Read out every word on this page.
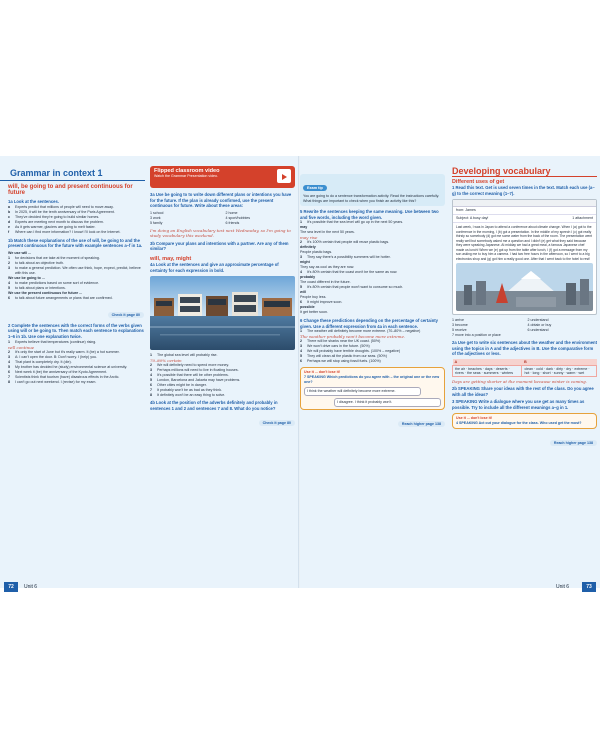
Grammar in context 1
will, be going to and present continuous for future
1a Look at the sentences.
a	Experts predict that millions of people will need to move away.
b	In 2025, it will be the tenth anniversary of the Paris Agreement.
c	They've decided they're going to build similar homes.
d	Experts are meeting next month to discuss the problem.
e	As it gets warmer, glaciers are going to melt faster.
f	Where can I find more information? I know! I'll look on the Internet.
1b Match these explanations of the use of will, be going to and the present continuous for the future with example sentences a–f in 1a.
We use will ...
1	for decisions that we take at the moment of speaking.
2	to talk about an objective truth.
3	to make a general prediction. We often use think, hope, expect, predict, believe with this use.
We use be going to ...
4	to make predictions based on some sort of evidence.
5	to talk about plans or intentions.
We use the present continuous for future ...
6	to talk about future arrangements or plans that are confirmed.
Check it page 80
2 Complete the sentences with the correct forms of the verbs given using will or be going to. Then match each sentence to explanations 1–6 in 1b. Use one explanation twice.
1	Experts believe that temperatures (continue) rising.
will continue
2	It's only the start of June but it's really warm. It (be) a hot summer.
3	A: I can't open the door. B: Don't worry. I (help) you.
4	That plant is completely dry. It (die).
5	My brother has decided he (study) environmental science at university.
6	Next week it (be) the anniversary of the Kyoto Agreement.
7	Scientists think that tourism (have) disastrous effects in the Arctic.
8	I can't go out next weekend. I (revise) for my exam.
Flipped classroom video
Watch the Grammar Presentation video.
3a Use be going to to write down different plans or intentions you have for the future. If the plan is already confirmed, use the present continuous for future. Write about these areas:
1 school	2 home
3 work	4 sport/hobbies
5 family	6 friends
I'm doing an English vocabulary test next Wednesday, so I'm going to study vocabulary this weekend.
3b Compare your plans and intentions with a partner. Are any of them similar?
will, may, might
4a Look at the sentences and give an approximate percentage of certainty for each expression in bold.
1	The global sea level will probably rise.
70–80% certain
2	We will definitely need to spend more money.
3	Perhaps millions will need to live in floating houses.
4	It's possible that there will be other problems.
5	London, Barcelona and Jakarta may have problems.
6	Other cities might be in danger.
7	It probably won't be as bad as they think.
8	It definitely won't be an easy thing to solve.
4b Look at the position of the adverbs definitely and probably in sentences 1 and 2 and sentences 7 and 8. What do you notice?
Check it page 80
Exam tip
You are going to do a sentence transformation activity. Read the instructions carefully. What things are important to check when you finish an activity like this?
5 Rewrite the sentences keeping the same meaning. Use between two and five words, including the word given.
1	It's possible that the sea level will go up in the next 50 years.
may
The sea level in the next 50 years.
may rise
2	It's 100% certain that people will reuse plastic bags.
definitely
People plastic bags.
3	They say there's a possibility summers will be hotter.
might
They say as cool as they are now.
4	It's 80% certain that the coast won't be the same as now.
probably
The coast different in the future.
5	It's 80% certain that people won't want to consume so much.
will
People buy less.
6	It might improve soon.
possible
It get better soon.
6 Change these predictions depending on the percentage of certainty given. Use a different expression from 4a in each sentence.
1	The weather will definitely become more extreme. (70–80% – negative)
The weather probably won't become more extreme.
2	There will be sharks near the UK coast. (50%)
3	We won't drive cars in the future. (50%)
4	We will probably have terrible droughts. (100% – negative)
5	They will clean all the plastic from our seas. (50%)
6	Perhaps we will stop using fossil fuels. (100%)
Use it ... don't lose it!
7 SPEAKING Which predictions do you agree with – the original one or the new one?
I think the weather will definitely become more extreme.
I disagree. I think it probably won't.
Reach higher page 138
Developing vocabulary
Different uses of get
1 Read this text. Get is used seven times in the text. Match each use (a–g) to the correct meaning (1–7).
from: James
Subject: A busy day!	1 attachment
Last week, I was in Japan to attend a conference about climate change. When I (a) got to the conference in the morning, I (b) got a presentation. In the middle of my speech I (c) got really thirsty so somebody (d) got me some water from the back of the room. The presentation went really well but somebody asked me a question and I didn't (e) get what they said because they were speaking Japanese. At midday we had a great meal, a famous Japanese chef made us lunch! When we (e) got up from the table after lunch, I (f) got a message from my son asking me to buy him a camera. I had two free hours in the afternoon, so I went to a big electronics shop and (g) got him a really good one. After that I went back to the hotel to rest!
1 arrive	2 understand
3 become	4 obtain or buy
5 receive	6 understand
7 move into a position or place
2a Use get to write six sentences about the weather and the environment using the topics in A and the adjectives in B. Use the comparative form of the adjectives or less.
A	B
the air · beaches · days · deserts · rivers · the seas · summers · winters	clean · cold · dark · dirty · dry · extreme · hot · long · short · sunny · warm · wet
Days are getting shorter at the moment because winter is coming.
2b SPEAKING Share your ideas with the rest of the class. Do you agree with all the ideas?
3 SPEAKING Write a dialogue where you use get as many times as possible. Try to include all the different meanings a–g in 1.
Use it ... don't lose it!
4 SPEAKING Act out your dialogue for the class. Who used get the most?
Reach higher page 138
72	Unit 6	Unit 6	73
